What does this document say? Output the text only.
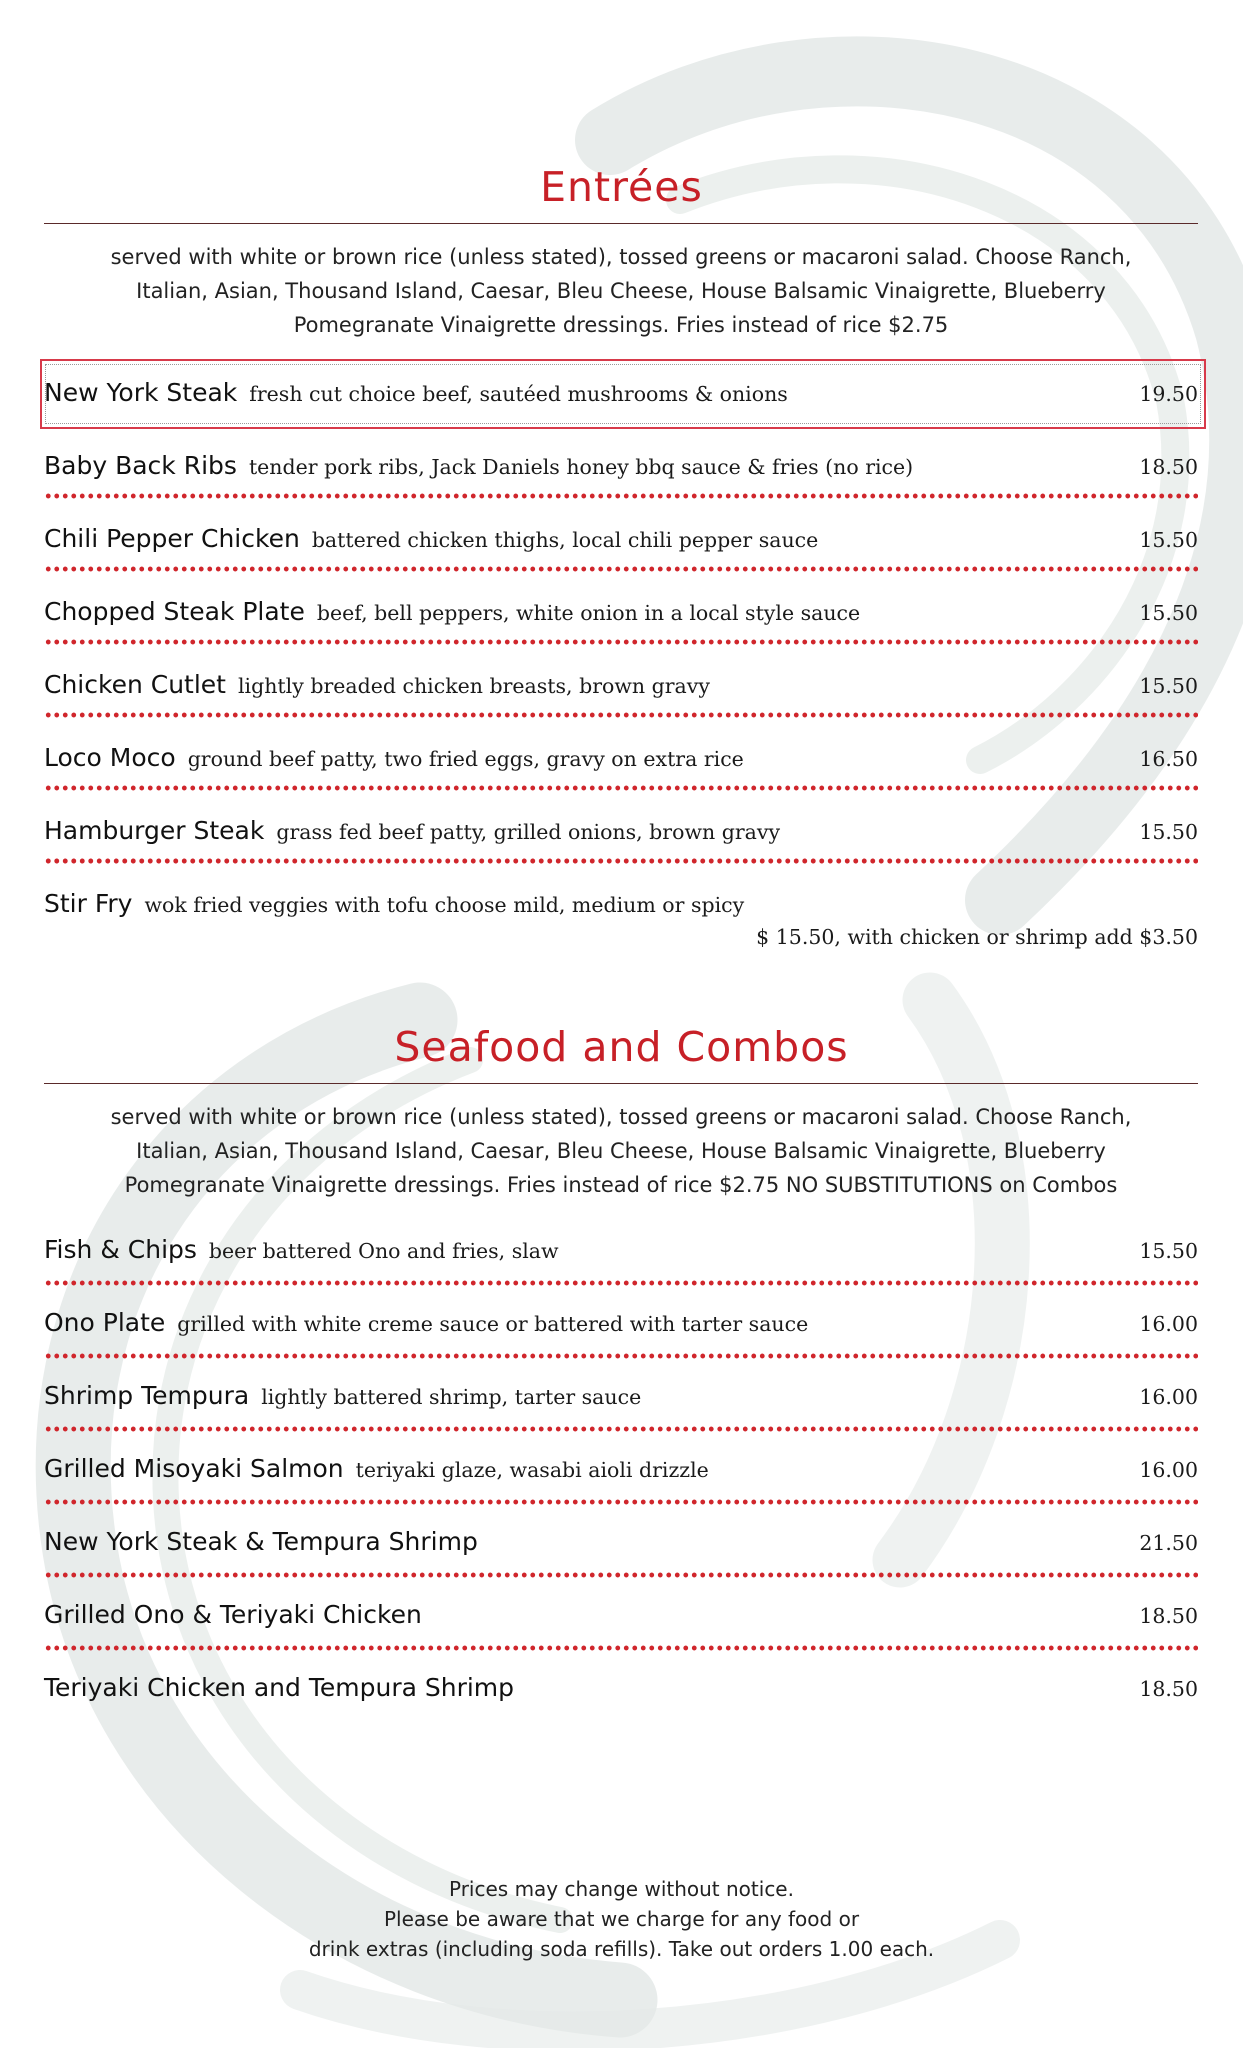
Entrées
served with white or brown rice (unless stated), tossed greens or macaroni salad. Choose Ranch,
Italian, Asian, Thousand Island, Caesar, Bleu Cheese, House Balsamic Vinaigrette, Blueberry
Pomegranate Vinaigrette dressings. Fries instead of rice $2.75
New York Steak fresh cut choice beef, sautéed mushrooms & onions	19.50
Baby Back Ribs tender pork ribs, Jack Daniels honey bbq sauce & fries (no rice)	18.50
Chili Pepper Chicken battered chicken thighs, local chili pepper sauce	15.50
Chopped Steak Plate beef, bell peppers, white onion in a local style sauce	15.50
Chicken Cutlet lightly breaded chicken breasts, brown gravy	15.50
Loco Moco ground beef patty, two fried eggs, gravy on extra rice	16.50
Hamburger Steak grass fed beef patty, grilled onions, brown gravy	15.50
Stir Fry wok fried veggies with tofu choose mild, medium or spicy
$ 15.50, with chicken or shrimp add $3.50
Seafood and Combos
served with white or brown rice (unless stated), tossed greens or macaroni salad. Choose Ranch,
Italian, Asian, Thousand Island, Caesar, Bleu Cheese, House Balsamic Vinaigrette, Blueberry
Pomegranate Vinaigrette dressings. Fries instead of rice $2.75 NO SUBSTITUTIONS on Combos
Fish & Chips beer battered Ono and fries, slaw	15.50
Ono Plate grilled with white creme sauce or battered with tarter sauce	16.00
Shrimp Tempura lightly battered shrimp, tarter sauce	16.00
Grilled Misoyaki Salmon teriyaki glaze, wasabi aioli drizzle	16.00
New York Steak & Tempura Shrimp	21.50
Grilled Ono & Teriyaki Chicken	18.50
Teriyaki Chicken and Tempura Shrimp	18.50
Prices may change without notice.
Please be aware that we charge for any food or
drink extras (including soda refills). Take out orders 1.00 each.
